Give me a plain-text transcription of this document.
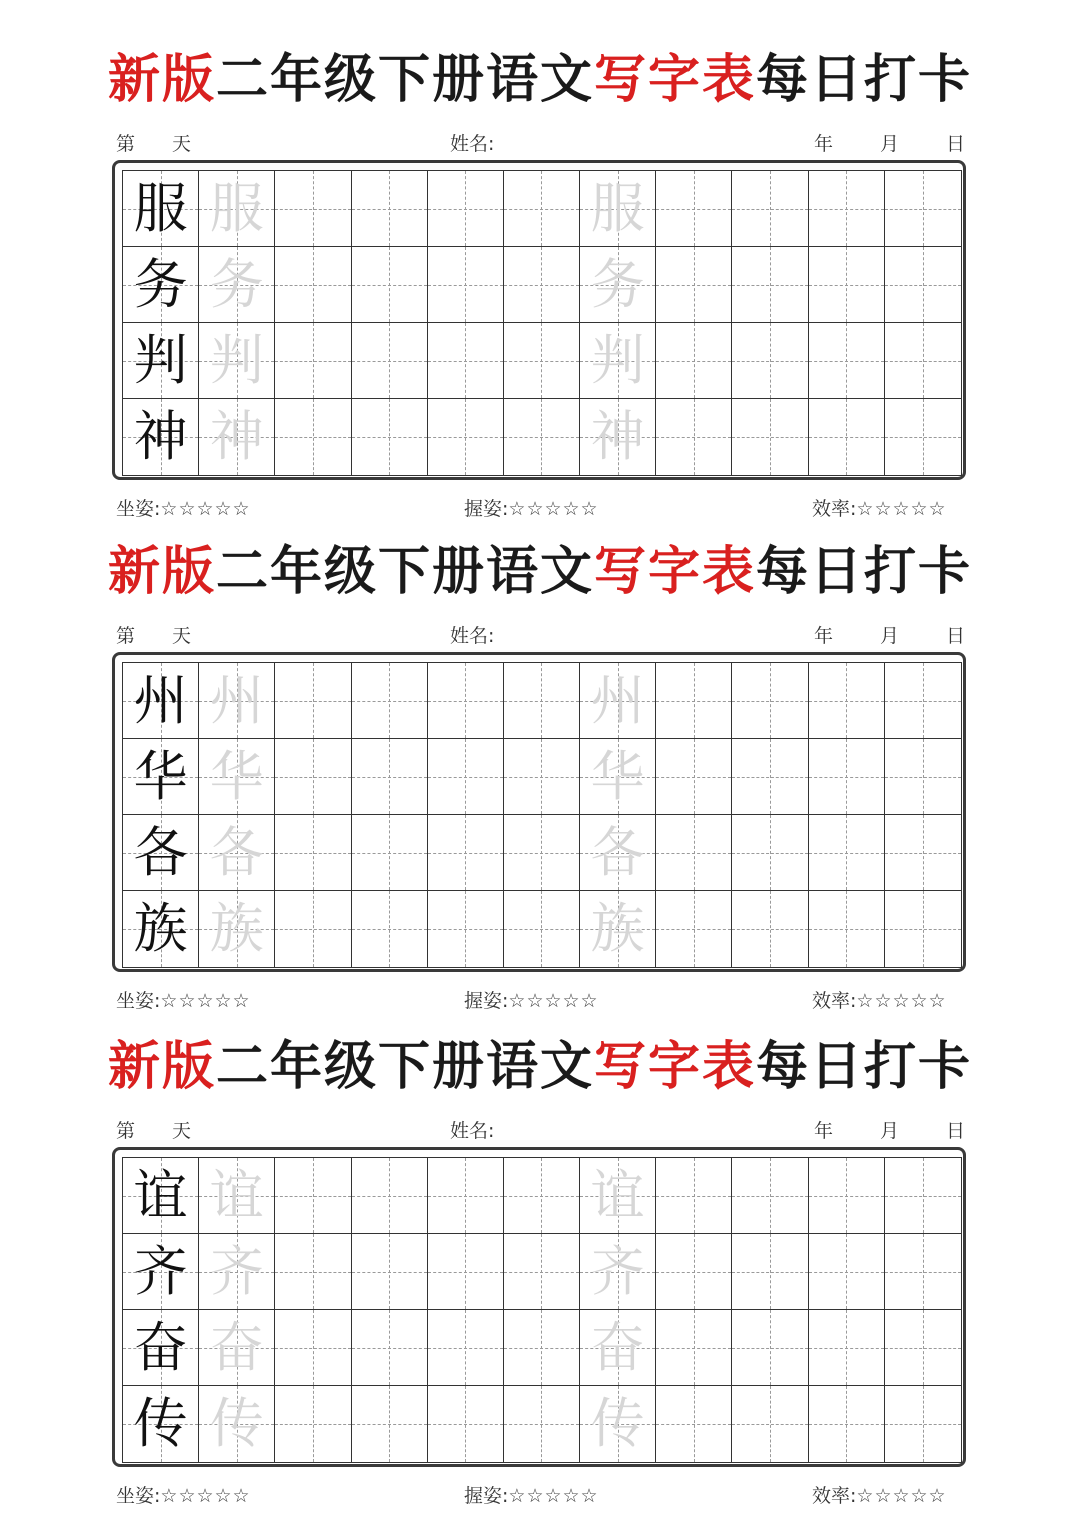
新版二年级下册语文写字表每日打卡
第 天	姓名:	年 月 日
服 服	服
务 务	务
判 判	判
神 神	神
坐姿:☆☆☆☆☆	握姿:☆☆☆☆☆	效率:☆☆☆☆☆
新版二年级下册语文写字表每日打卡
第 天	姓名:	年 月 日
州 州	州
华 华	华
各 各	各
族 族	族
坐姿:☆☆☆☆☆	握姿:☆☆☆☆☆	效率:☆☆☆☆☆
新版二年级下册语文写字表每日打卡
第 天	姓名:	年 月 日
谊 谊	谊
齐 齐	齐
奋 奋	奋
传 传	传
坐姿:☆☆☆☆☆	握姿:☆☆☆☆☆	效率:☆☆☆☆☆
